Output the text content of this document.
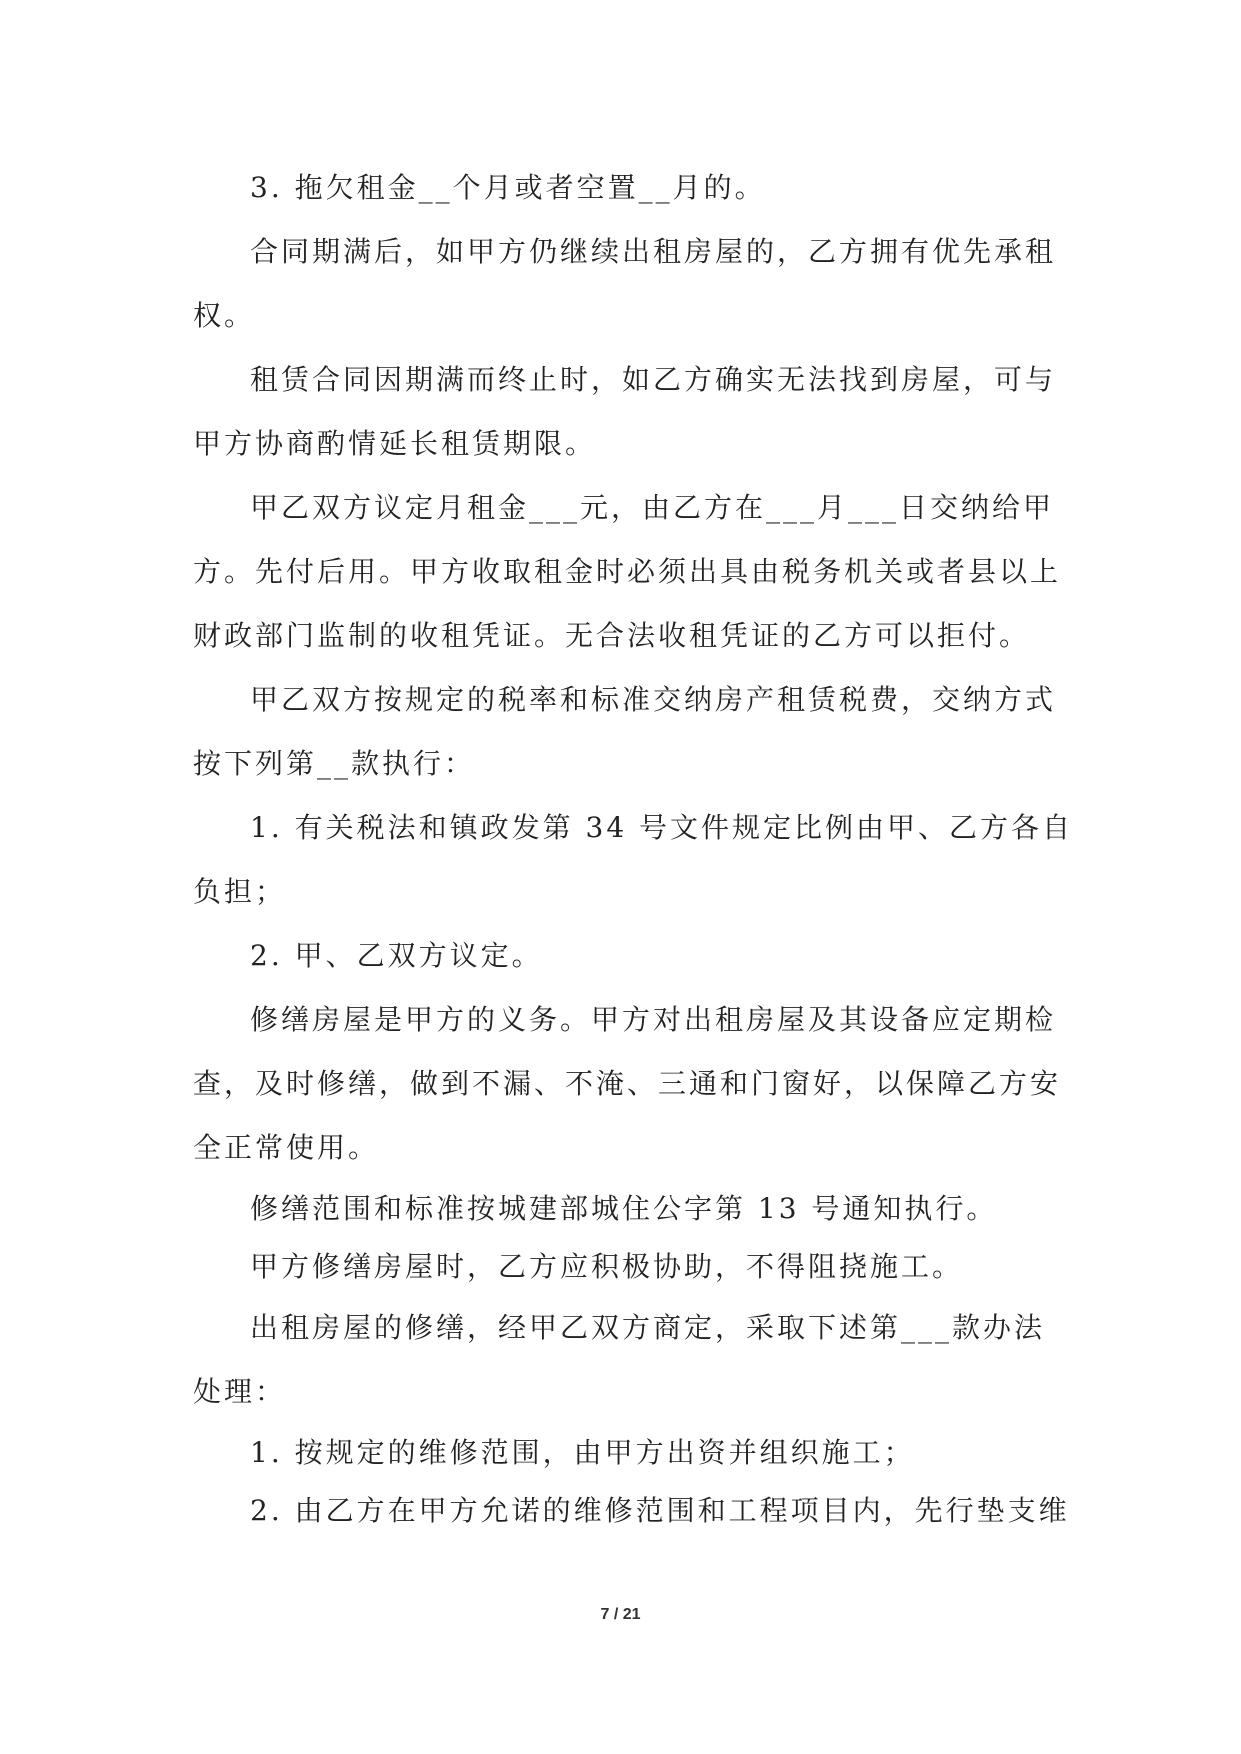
3. 拖欠租金__个月或者空置__月的。
合同期满后，如甲方仍继续出租房屋的，乙方拥有优先承租
权。
租赁合同因期满而终止时，如乙方确实无法找到房屋，可与
甲方协商酌情延长租赁期限。
甲乙双方议定月租金___元，由乙方在___月___日交纳给甲
方。先付后用。甲方收取租金时必须出具由税务机关或者县以上
财政部门监制的收租凭证。无合法收租凭证的乙方可以拒付。
甲乙双方按规定的税率和标准交纳房产租赁税费，交纳方式
按下列第__款执行：
1. 有关税法和镇政发第 34 号文件规定比例由甲、乙方各自
负担；
2. 甲、乙双方议定。
修缮房屋是甲方的义务。甲方对出租房屋及其设备应定期检
查，及时修缮，做到不漏、不淹、三通和门窗好，以保障乙方安
全正常使用。
修缮范围和标准按城建部城住公字第 13 号通知执行。
甲方修缮房屋时，乙方应积极协助，不得阻挠施工。
出租房屋的修缮，经甲乙双方商定，采取下述第___款办法
处理：
1. 按规定的维修范围，由甲方出资并组织施工；
2. 由乙方在甲方允诺的维修范围和工程项目内，先行垫支维
7 / 21
